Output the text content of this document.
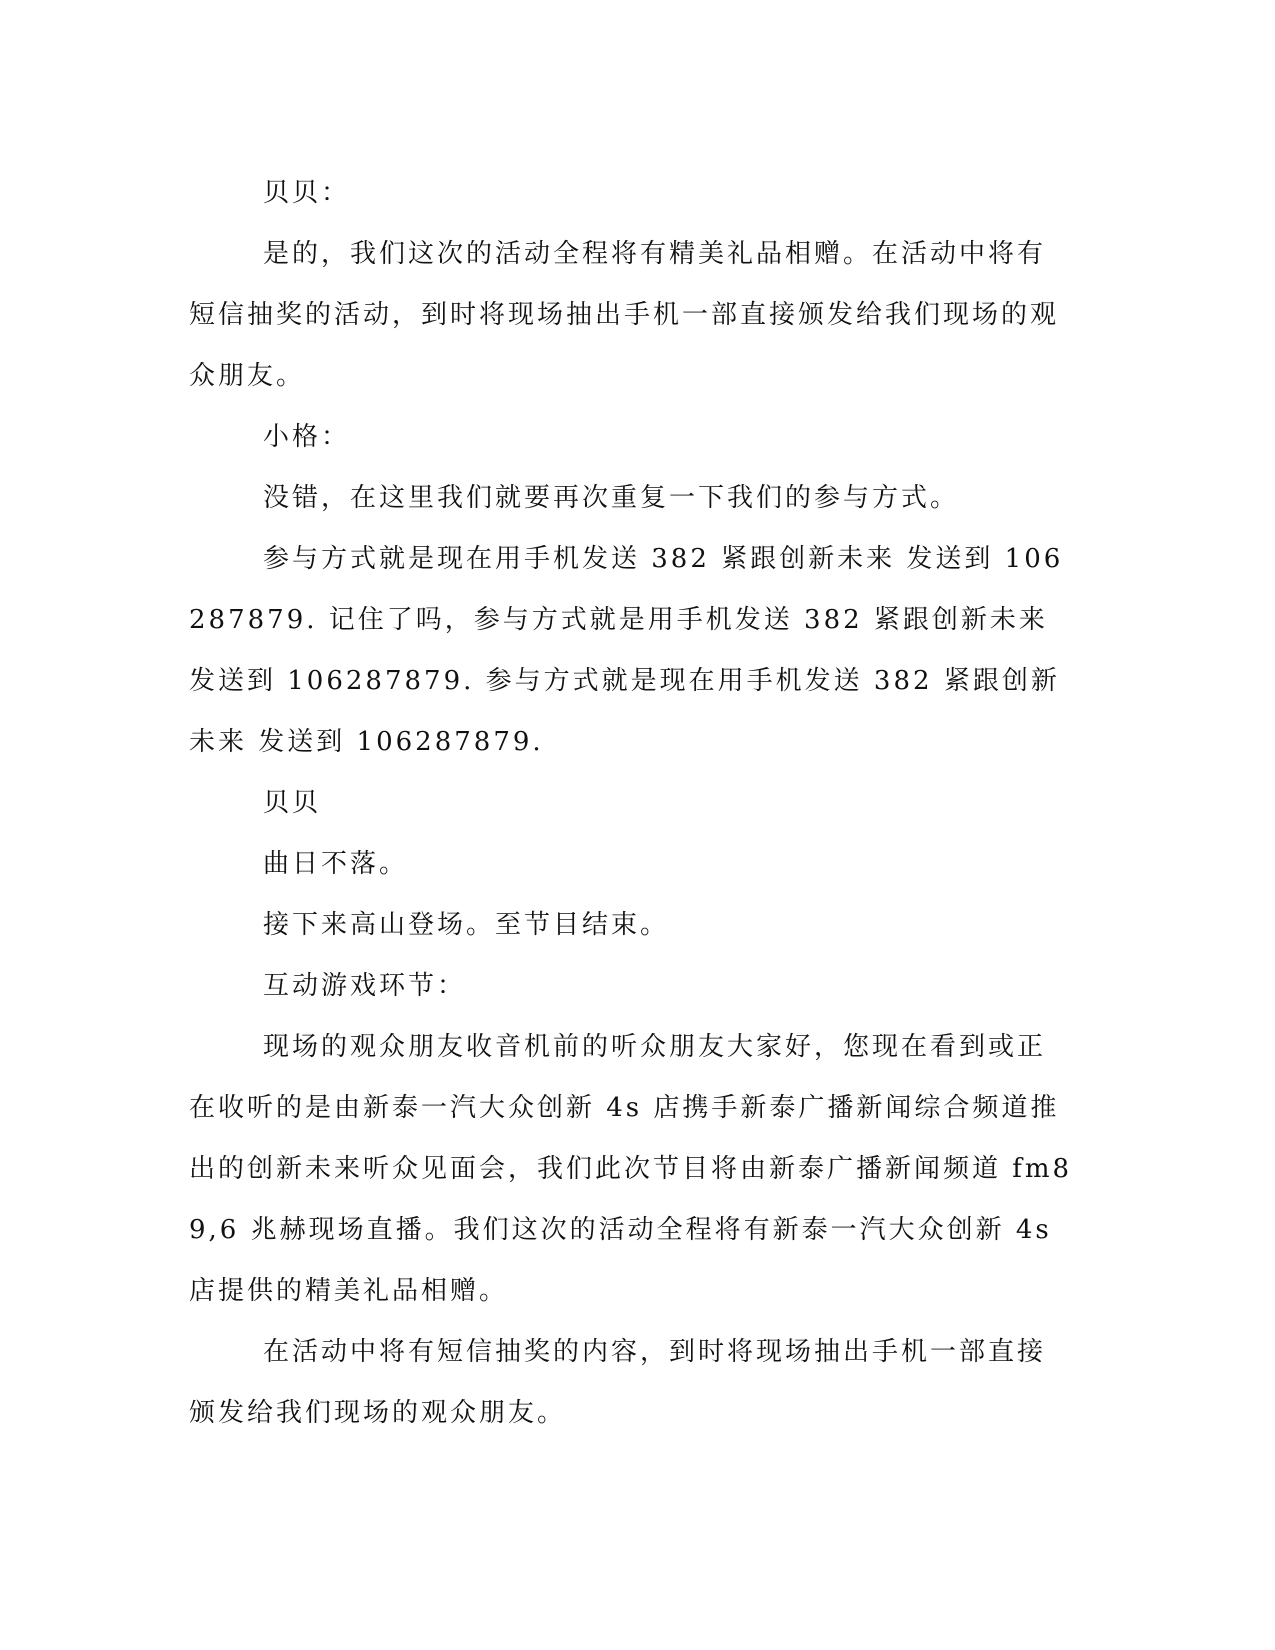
贝贝：

是的，我们这次的活动全程将有精美礼品相赠。在活动中将有短信抽奖的活动，到时将现场抽出手机一部直接颁发给我们现场的观众朋友。

小格：

没错，在这里我们就要再次重复一下我们的参与方式。

参与方式就是现在用手机发送 382 紧跟创新未来 发送到 106287879. 记住了吗，参与方式就是用手机发送 382 紧跟创新未来 发送到 106287879. 参与方式就是现在用手机发送 382 紧跟创新未来 发送到 106287879.

贝贝

曲日不落。

接下来高山登场。至节目结束。

互动游戏环节：

现场的观众朋友收音机前的听众朋友大家好，您现在看到或正在收听的是由新泰一汽大众创新 4s 店携手新泰广播新闻综合频道推出的创新未来听众见面会，我们此次节目将由新泰广播新闻频道 fm89,6 兆赫现场直播。我们这次的活动全程将有新泰一汽大众创新 4s 店提供的精美礼品相赠。

在活动中将有短信抽奖的内容，到时将现场抽出手机一部直接颁发给我们现场的观众朋友。
